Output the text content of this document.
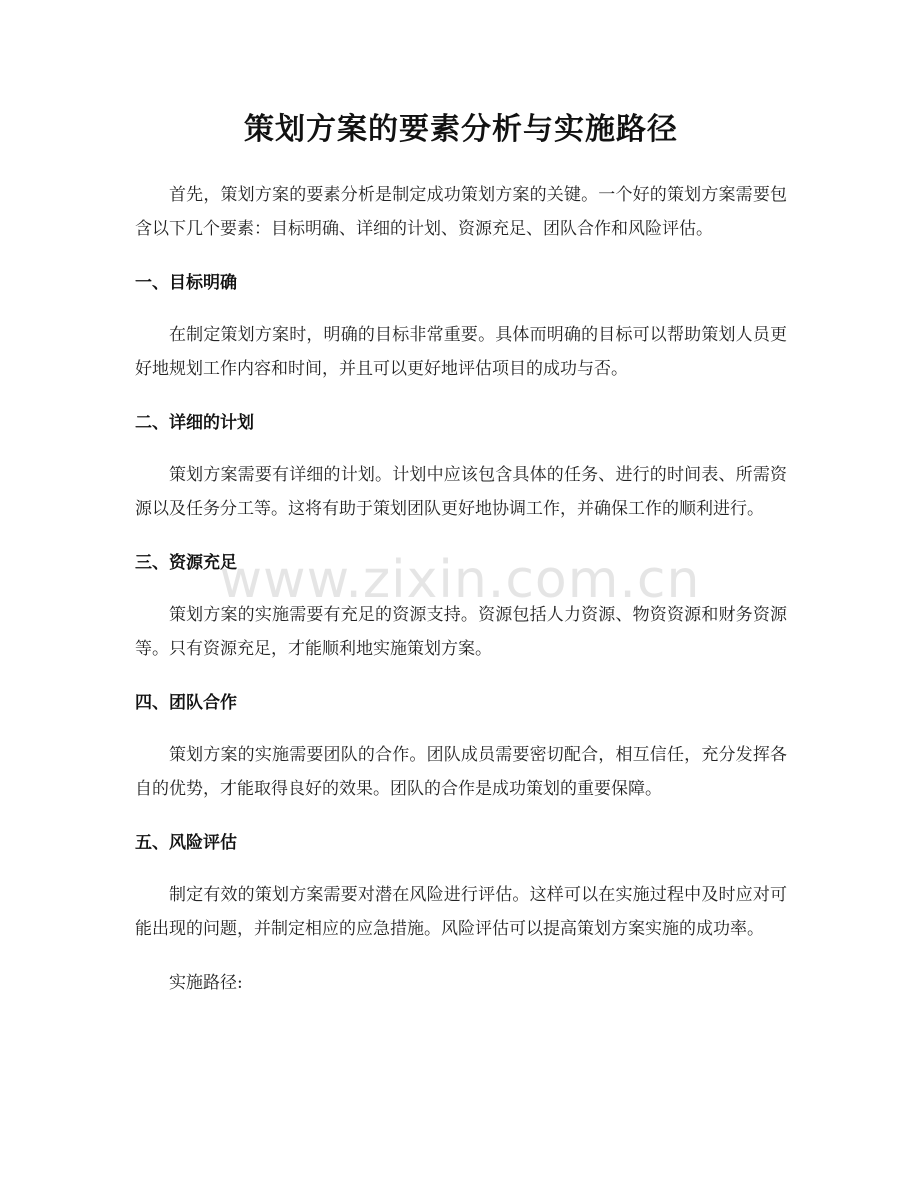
策划方案的要素分析与实施路径

首先，策划方案的要素分析是制定成功策划方案的关键。一个好的策划方案需要包含以下几个要素：目标明确、详细的计划、资源充足、团队合作和风险评估。

一、目标明确

在制定策划方案时，明确的目标非常重要。具体而明确的目标可以帮助策划人员更好地规划工作内容和时间，并且可以更好地评估项目的成功与否。

二、详细的计划

策划方案需要有详细的计划。计划中应该包含具体的任务、进行的时间表、所需资源以及任务分工等。这将有助于策划团队更好地协调工作，并确保工作的顺利进行。

三、资源充足

策划方案的实施需要有充足的资源支持。资源包括人力资源、物资资源和财务资源等。只有资源充足，才能顺利地实施策划方案。

四、团队合作

策划方案的实施需要团队的合作。团队成员需要密切配合，相互信任，充分发挥各自的优势，才能取得良好的效果。团队的合作是成功策划的重要保障。

五、风险评估

制定有效的策划方案需要对潜在风险进行评估。这样可以在实施过程中及时应对可能出现的问题，并制定相应的应急措施。风险评估可以提高策划方案实施的成功率。

实施路径:

www.zixin.com.cn
